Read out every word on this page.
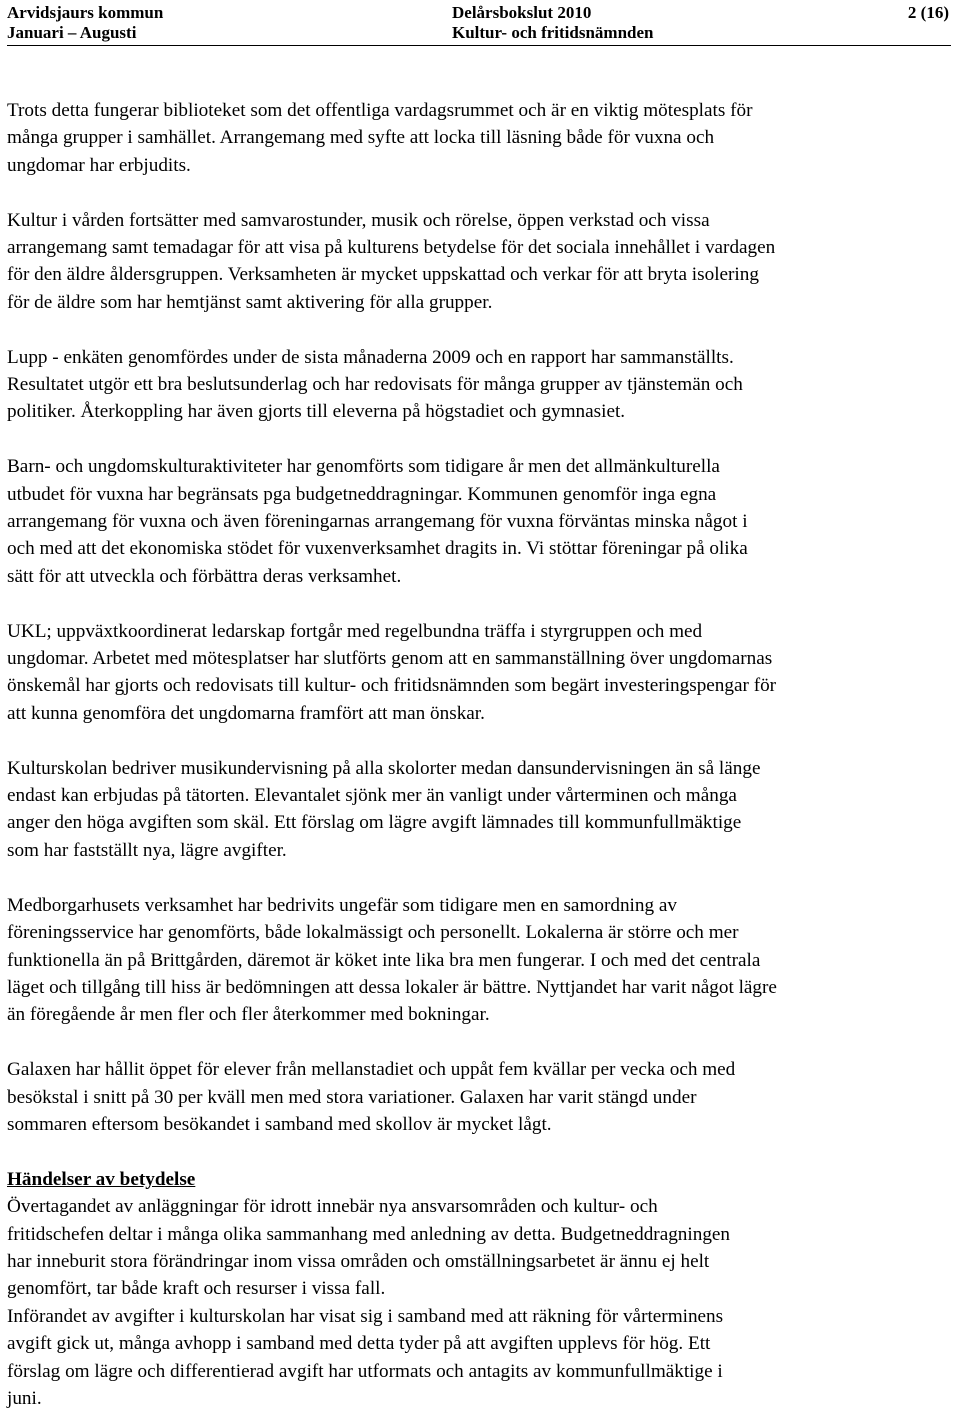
Arvidsjaurs kommun
Januari – Augusti
Delårsbokslut 2010
Kultur- och fritidsnämnden
2 (16)

Trots detta fungerar biblioteket som det offentliga vardagsrummet och är en viktig mötesplats för
många grupper i samhället. Arrangemang med syfte att locka till läsning både för vuxna och
ungdomar har erbjudits.

Kultur i vården fortsätter med samvarostunder, musik och rörelse, öppen verkstad och vissa
arrangemang samt temadagar för att visa på kulturens betydelse för det sociala innehållet i vardagen
för den äldre åldersgruppen. Verksamheten är mycket uppskattad och verkar för att bryta isolering
för de äldre som har hemtjänst samt aktivering för alla grupper.

Lupp - enkäten genomfördes under de sista månaderna 2009 och en rapport har sammanställts.
Resultatet utgör ett bra beslutsunderlag och har redovisats för många grupper av tjänstemän och
politiker. Återkoppling har även gjorts till eleverna på högstadiet och gymnasiet.

Barn- och ungdomskulturaktiviteter har genomförts som tidigare år men det allmänkulturella
utbudet för vuxna har begränsats pga budgetneddragningar. Kommunen genomför inga egna
arrangemang för vuxna och även föreningarnas arrangemang för vuxna förväntas minska något i
och med att det ekonomiska stödet för vuxenverksamhet dragits in. Vi stöttar föreningar på olika
sätt för att utveckla och förbättra deras verksamhet.

UKL; uppväxtkoordinerat ledarskap fortgår med regelbundna träffa i styrgruppen och med
ungdomar. Arbetet med mötesplatser har slutförts genom att en sammanställning över ungdomarnas
önskemål har gjorts och redovisats till kultur- och fritidsnämnden som begärt investeringspengar för
att kunna genomföra det ungdomarna framfört att man önskar.

Kulturskolan bedriver musikundervisning på alla skolorter medan dansundervisningen än så länge
endast kan erbjudas på tätorten. Elevantalet sjönk mer än vanligt under vårterminen och många
anger den höga avgiften som skäl. Ett förslag om lägre avgift lämnades till kommunfullmäktige
som har fastställt nya, lägre avgifter.

Medborgarhusets verksamhet har bedrivits ungefär som tidigare men en samordning av
föreningsservice har genomförts, både lokalmässigt och personellt. Lokalerna är större och mer
funktionella än på Brittgården, däremot är köket inte lika bra men fungerar. I och med det centrala
läget och tillgång till hiss är bedömningen att dessa lokaler är bättre. Nyttjandet har varit något lägre
än föregående år men fler och fler återkommer med bokningar.

Galaxen har hållit öppet för elever från mellanstadiet och uppåt fem kvällar per vecka och med
besökstal i snitt på 30 per kväll men med stora variationer. Galaxen har varit stängd under
sommaren eftersom besökandet i samband med skollov är mycket lågt.

Händelser av betydelse

Övertagandet av anläggningar för idrott innebär nya ansvarsområden och kultur- och
fritidschefen deltar i många olika sammanhang med anledning av detta. Budgetneddragningen
har inneburit stora förändringar inom vissa områden och omställningsarbetet är ännu ej helt
genomfört, tar både kraft och resurser i vissa fall.

Införandet av avgifter i kulturskolan har visat sig i samband med att räkning för vårterminens
avgift gick ut, många avhopp i samband med detta tyder på att avgiften upplevs för hög. Ett
förslag om lägre och differentierad avgift har utformats och antagits av kommunfullmäktige i
juni.
